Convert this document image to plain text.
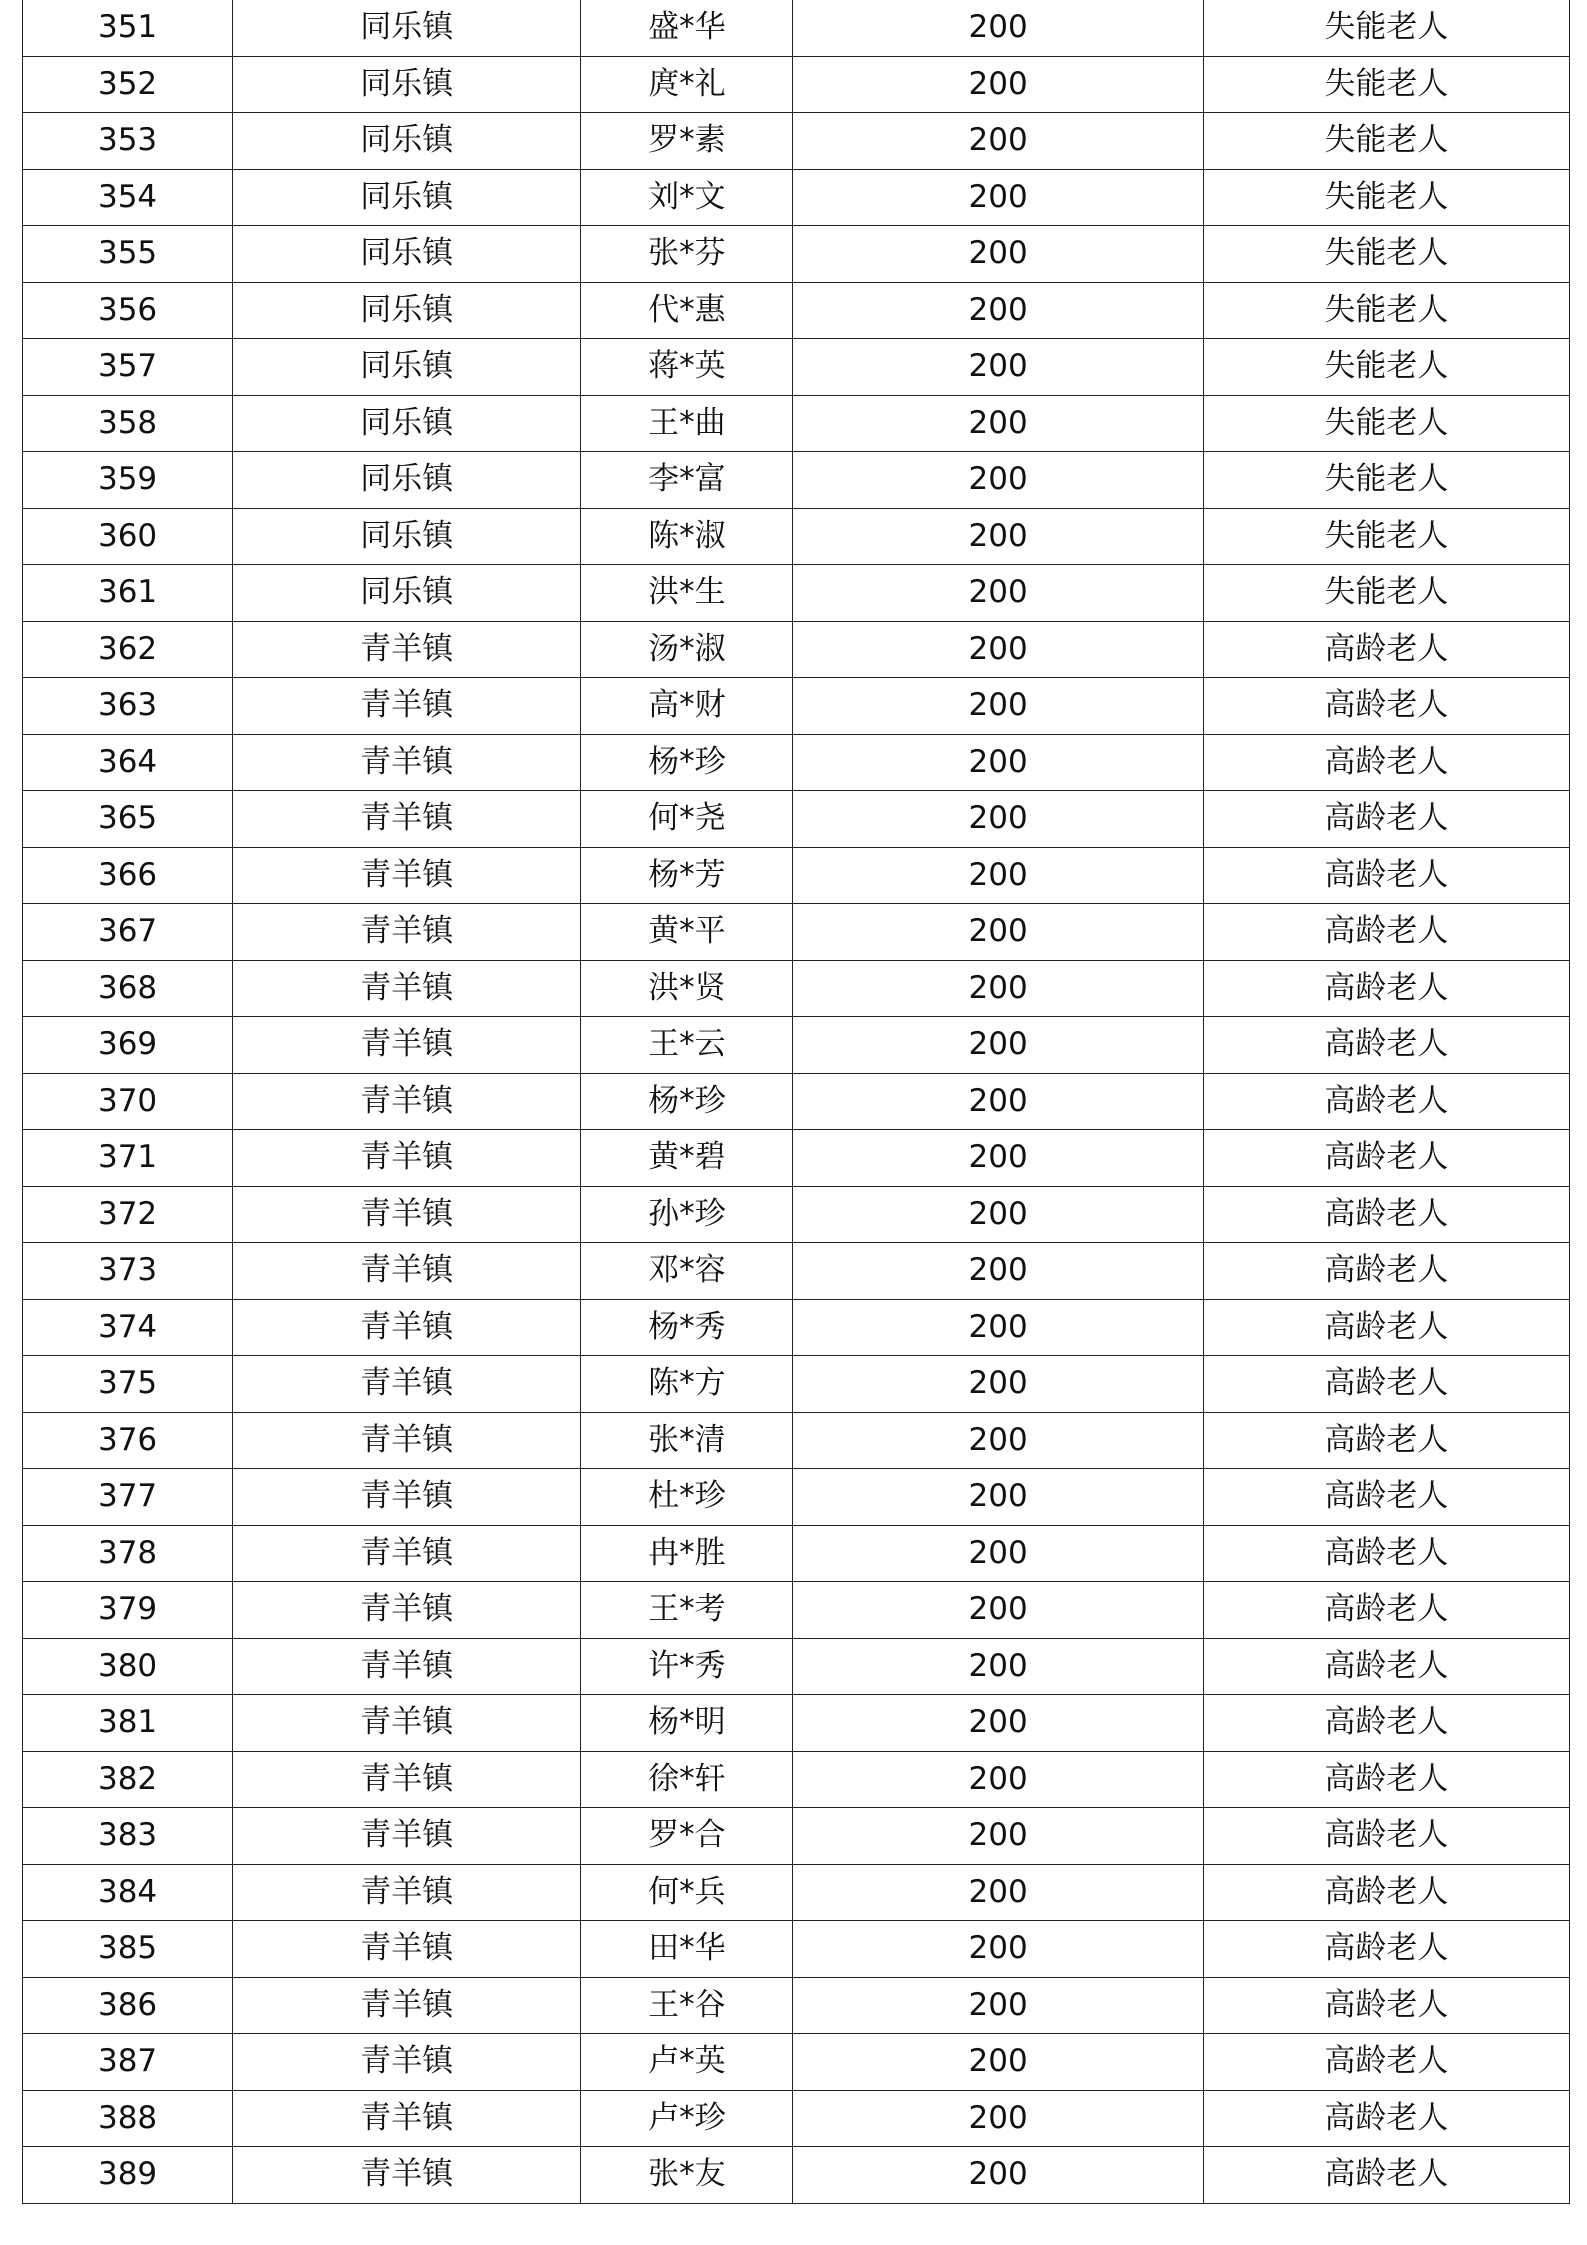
351	同乐镇	盛*华	200	失能老人
352	同乐镇	庹*礼	200	失能老人
353	同乐镇	罗*素	200	失能老人
354	同乐镇	刘*文	200	失能老人
355	同乐镇	张*芬	200	失能老人
356	同乐镇	代*惠	200	失能老人
357	同乐镇	蒋*英	200	失能老人
358	同乐镇	王*曲	200	失能老人
359	同乐镇	李*富	200	失能老人
360	同乐镇	陈*淑	200	失能老人
361	同乐镇	洪*生	200	失能老人
362	青羊镇	汤*淑	200	高龄老人
363	青羊镇	高*财	200	高龄老人
364	青羊镇	杨*珍	200	高龄老人
365	青羊镇	何*尧	200	高龄老人
366	青羊镇	杨*芳	200	高龄老人
367	青羊镇	黄*平	200	高龄老人
368	青羊镇	洪*贤	200	高龄老人
369	青羊镇	王*云	200	高龄老人
370	青羊镇	杨*珍	200	高龄老人
371	青羊镇	黄*碧	200	高龄老人
372	青羊镇	孙*珍	200	高龄老人
373	青羊镇	邓*容	200	高龄老人
374	青羊镇	杨*秀	200	高龄老人
375	青羊镇	陈*方	200	高龄老人
376	青羊镇	张*清	200	高龄老人
377	青羊镇	杜*珍	200	高龄老人
378	青羊镇	冉*胜	200	高龄老人
379	青羊镇	王*考	200	高龄老人
380	青羊镇	许*秀	200	高龄老人
381	青羊镇	杨*明	200	高龄老人
382	青羊镇	徐*轩	200	高龄老人
383	青羊镇	罗*合	200	高龄老人
384	青羊镇	何*兵	200	高龄老人
385	青羊镇	田*华	200	高龄老人
386	青羊镇	王*谷	200	高龄老人
387	青羊镇	卢*英	200	高龄老人
388	青羊镇	卢*珍	200	高龄老人
389	青羊镇	张*友	200	高龄老人
